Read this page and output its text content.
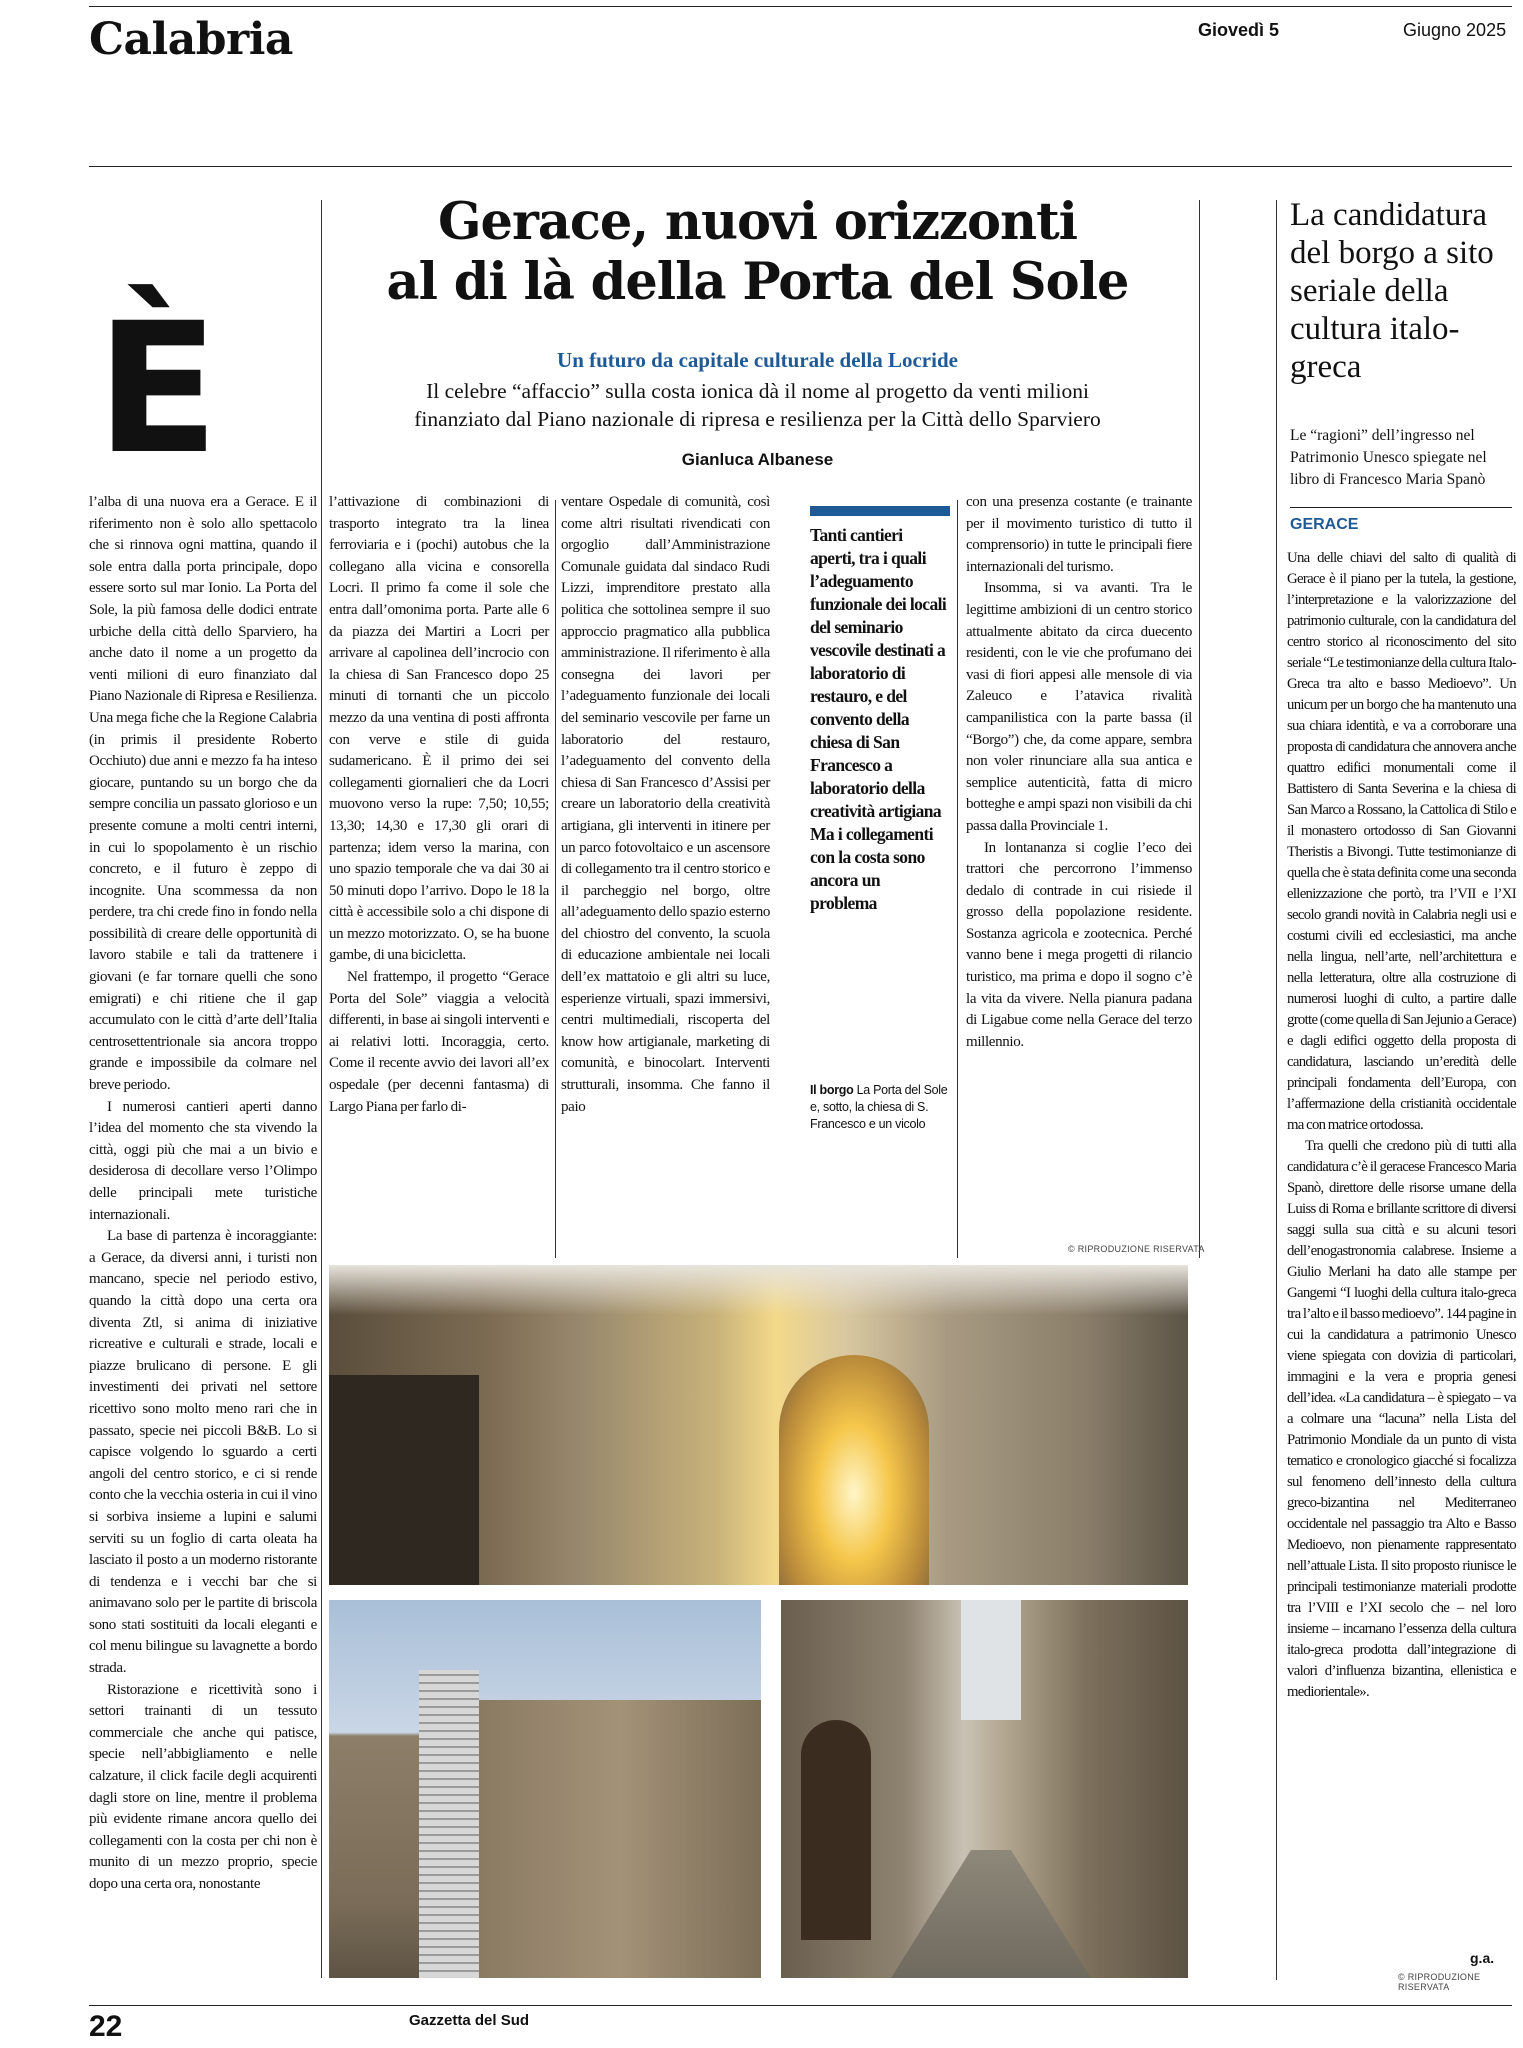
Calabria	Giovedì 5	Giugno 2025
Gerace, nuovi orizzonti
al di là della Porta del Sole
Un futuro da capitale culturale della Locride
Il celebre “affaccio” sulla costa ionica dà il nome al progetto da venti milioni
finanziato dal Piano nazionale di ripresa e resilienza per la Città dello Sparviero
Gianluca Albanese
È

l’alba di una nuova era a Gerace. E il riferimento non è solo allo spettacolo che si rinnova ogni mattina, quando il sole entra dalla porta principale, dopo essere sorto sul mar Ionio. La Porta del Sole, la più famosa delle dodici entrate urbiche della città dello Sparviero, ha anche dato il nome a un progetto da venti milioni di euro finanziato dal Piano Nazionale di Ripresa e Resilienza. Una mega fiche che la Regione Calabria (in primis il presidente Roberto Occhiuto) due anni e mezzo fa ha inteso giocare, puntando su un borgo che da sempre concilia un passato glorioso e un presente comune a molti centri interni, in cui lo spopolamento è un rischio concreto, e il futuro è zeppo di incognite. Una scommessa da non perdere, tra chi crede fino in fondo nella possibilità di creare delle opportunità di lavoro stabile e tali da trattenere i giovani (e far tornare quelli che sono emigrati) e chi ritiene che il gap accumulato con le città d’arte dell’Italia centrosettentrionale sia ancora troppo grande e impossibile da colmare nel breve periodo.

I numerosi cantieri aperti danno l’idea del momento che sta vivendo la città, oggi più che mai a un bivio e desiderosa di decollare verso l’Olimpo delle principali mete turistiche internazionali.

La base di partenza è incoraggiante: a Gerace, da diversi anni, i turisti non mancano, specie nel periodo estivo, quando la città dopo una certa ora diventa Ztl, si anima di iniziative ricreative e culturali e strade, locali e piazze brulicano di persone. E gli investimenti dei privati nel settore ricettivo sono molto meno rari che in passato, specie nei piccoli B&B. Lo si capisce volgendo lo sguardo a certi angoli del centro storico, e ci si rende conto che la vecchia osteria in cui il vino si sorbiva insieme a lupini e salumi serviti su un foglio di carta oleata ha lasciato il posto a un moderno ristorante di tendenza e i vecchi bar che si animavano solo per le partite di briscola sono stati sostituiti da locali eleganti e col menu bilingue su lavagnette a bordo strada.

Ristorazione e ricettività sono i settori trainanti di un tessuto commerciale che anche qui patisce, specie nell’abbigliamento e nelle calzature, il click facile degli acquirenti dagli store on line, mentre il problema più evidente rimane ancora quello dei collegamenti con la costa per chi non è munito di un mezzo proprio, specie dopo una certa ora, nonostante

l’attivazione di combinazioni di trasporto integrato tra la linea ferroviaria e i (pochi) autobus che la collegano alla vicina e consorella Locri. Il primo fa come il sole che entra dall’omonima porta. Parte alle 6 da piazza dei Martiri a Locri per arrivare al capolinea dell’incrocio con la chiesa di San Francesco dopo 25 minuti di tornanti che un piccolo mezzo da una ventina di posti affronta con verve e stile di guida sudamericano. È il primo dei sei collegamenti giornalieri che da Locri muovono verso la rupe: 7,50; 10,55; 13,30; 14,30 e 17,30 gli orari di partenza; idem verso la marina, con uno spazio temporale che va dai 30 ai 50 minuti dopo l’arrivo. Dopo le 18 la città è accessibile solo a chi dispone di un mezzo motorizzato. O, se ha buone gambe, di una bicicletta.

Nel frattempo, il progetto “Gerace Porta del Sole” viaggia a velocità differenti, in base ai singoli interventi e ai relativi lotti. Incoraggia, certo. Come il recente avvio dei lavori all’ex ospedale (per decenni fantasma) di Largo Piana per farlo di-

ventare Ospedale di comunità, così come altri risultati rivendicati con orgoglio dall’Amministrazione Comunale guidata dal sindaco Rudi Lizzi, imprenditore prestato alla politica che sottolinea sempre il suo approccio pragmatico alla pubblica amministrazione. Il riferimento è alla consegna dei lavori per l’adeguamento funzionale dei locali del seminario vescovile per farne un laboratorio del restauro, l’adeguamento del convento della chiesa di San Francesco d’Assisi per creare un laboratorio della creatività artigiana, gli interventi in itinere per un parco fotovoltaico e un ascensore di collegamento tra il centro storico e il parcheggio nel borgo, oltre all’adeguamento dello spazio esterno del chiostro del convento, la scuola di educazione ambientale nei locali dell’ex mattatoio e gli altri su luce, esperienze virtuali, spazi immersivi, centri multimediali, riscoperta del know how artigianale, marketing di comunità, e binocolart. Interventi strutturali, insomma. Che fanno il paio

Tanti cantieri aperti, tra i quali l’adeguamento funzionale dei locali del seminario vescovile destinati a laboratorio di restauro, e del convento della chiesa di San Francesco a laboratorio della creatività artigiana Ma i collegamenti con la costa sono ancora un problema
Il borgo La Porta del Sole e, sotto, la chiesa di S. Francesco e un vicolo

con una presenza costante (e trainante per il movimento turistico di tutto il comprensorio) in tutte le principali fiere internazionali del turismo.

Insomma, si va avanti. Tra le legittime ambizioni di un centro storico attualmente abitato da circa duecento residenti, con le vie che profumano dei vasi di fiori appesi alle mensole di via Zaleuco e l’atavica rivalità campanilistica con la parte bassa (il “Borgo”) che, da come appare, sembra non voler rinunciare alla sua antica e semplice autenticità, fatta di micro botteghe e ampi spazi non visibili da chi passa dalla Provinciale 1.

In lontananza si coglie l’eco dei trattori che percorrono l’immenso dedalo di contrade in cui risiede il grosso della popolazione residente. Sostanza agricola e zootecnica. Perché vanno bene i mega progetti di rilancio turistico, ma prima e dopo il sogno c’è la vita da vivere. Nella pianura padana di Ligabue come nella Gerace del terzo millennio.

© RIPRODUZIONE RISERVATA
La candidatura del borgo a sito seriale della cultura italo-greca
Le “ragioni” dell’ingresso nel Patrimonio Unesco spiegate nel libro di Francesco Maria Spanò
GERACE

Una delle chiavi del salto di qualità di Gerace è il piano per la tutela, la gestione, l’interpretazione e la valorizzazione del patrimonio culturale, con la candidatura del centro storico al riconoscimento del sito seriale “Le testimonianze della cultura Italo-Greca tra alto e basso Medioevo”. Un unicum per un borgo che ha mantenuto una sua chiara identità, e va a corroborare una proposta di candidatura che annovera anche quattro edifici monumentali come il Battistero di Santa Severina e la chiesa di San Marco a Rossano, la Cattolica di Stilo e il monastero ortodosso di San Giovanni Theristis a Bivongi. Tutte testimonianze di quella che è stata definita come una seconda ellenizzazione che portò, tra l’VII e l’XI secolo grandi novità in Calabria negli usi e costumi civili ed ecclesiastici, ma anche nella lingua, nell’arte, nell’architettura e nella letteratura, oltre alla costruzione di numerosi luoghi di culto, a partire dalle grotte (come quella di San Jejunio a Gerace) e dagli edifici oggetto della proposta di candidatura, lasciando un’eredità delle principali fondamenta dell’Europa, con l’affermazione della cristianità occidentale ma con matrice ortodossa.

Tra quelli che credono più di tutti alla candidatura c’è il geracese Francesco Maria Spanò, direttore delle risorse umane della Luiss di Roma e brillante scrittore di diversi saggi sulla sua città e su alcuni tesori dell’enogastronomia calabrese. Insieme a Giulio Merlani ha dato alle stampe per Gangemi “I luoghi della cultura italo-greca tra l’alto e il basso medioevo”. 144 pagine in cui la candidatura a patrimonio Unesco viene spiegata con dovizia di particolari, immagini e la vera e propria genesi dell’idea. «La candidatura – è spiegato – va a colmare una “lacuna” nella Lista del Patrimonio Mondiale da un punto di vista tematico e cronologico giacché si focalizza sul fenomeno dell’innesto della cultura greco-bizantina nel Mediterraneo occidentale nel passaggio tra Alto e Basso Medioevo, non pienamente rappresentato nell’attuale Lista. Il sito proposto riunisce le principali testimonianze materiali prodotte tra l’VIII e l’XI secolo che – nel loro insieme – incarnano l’essenza della cultura italo-greca prodotta dall’integrazione di valori d’influenza bizantina, ellenistica e mediorientale».

g.a.
© RIPRODUZIONE RISERVATA
22	Gazzetta del Sud
